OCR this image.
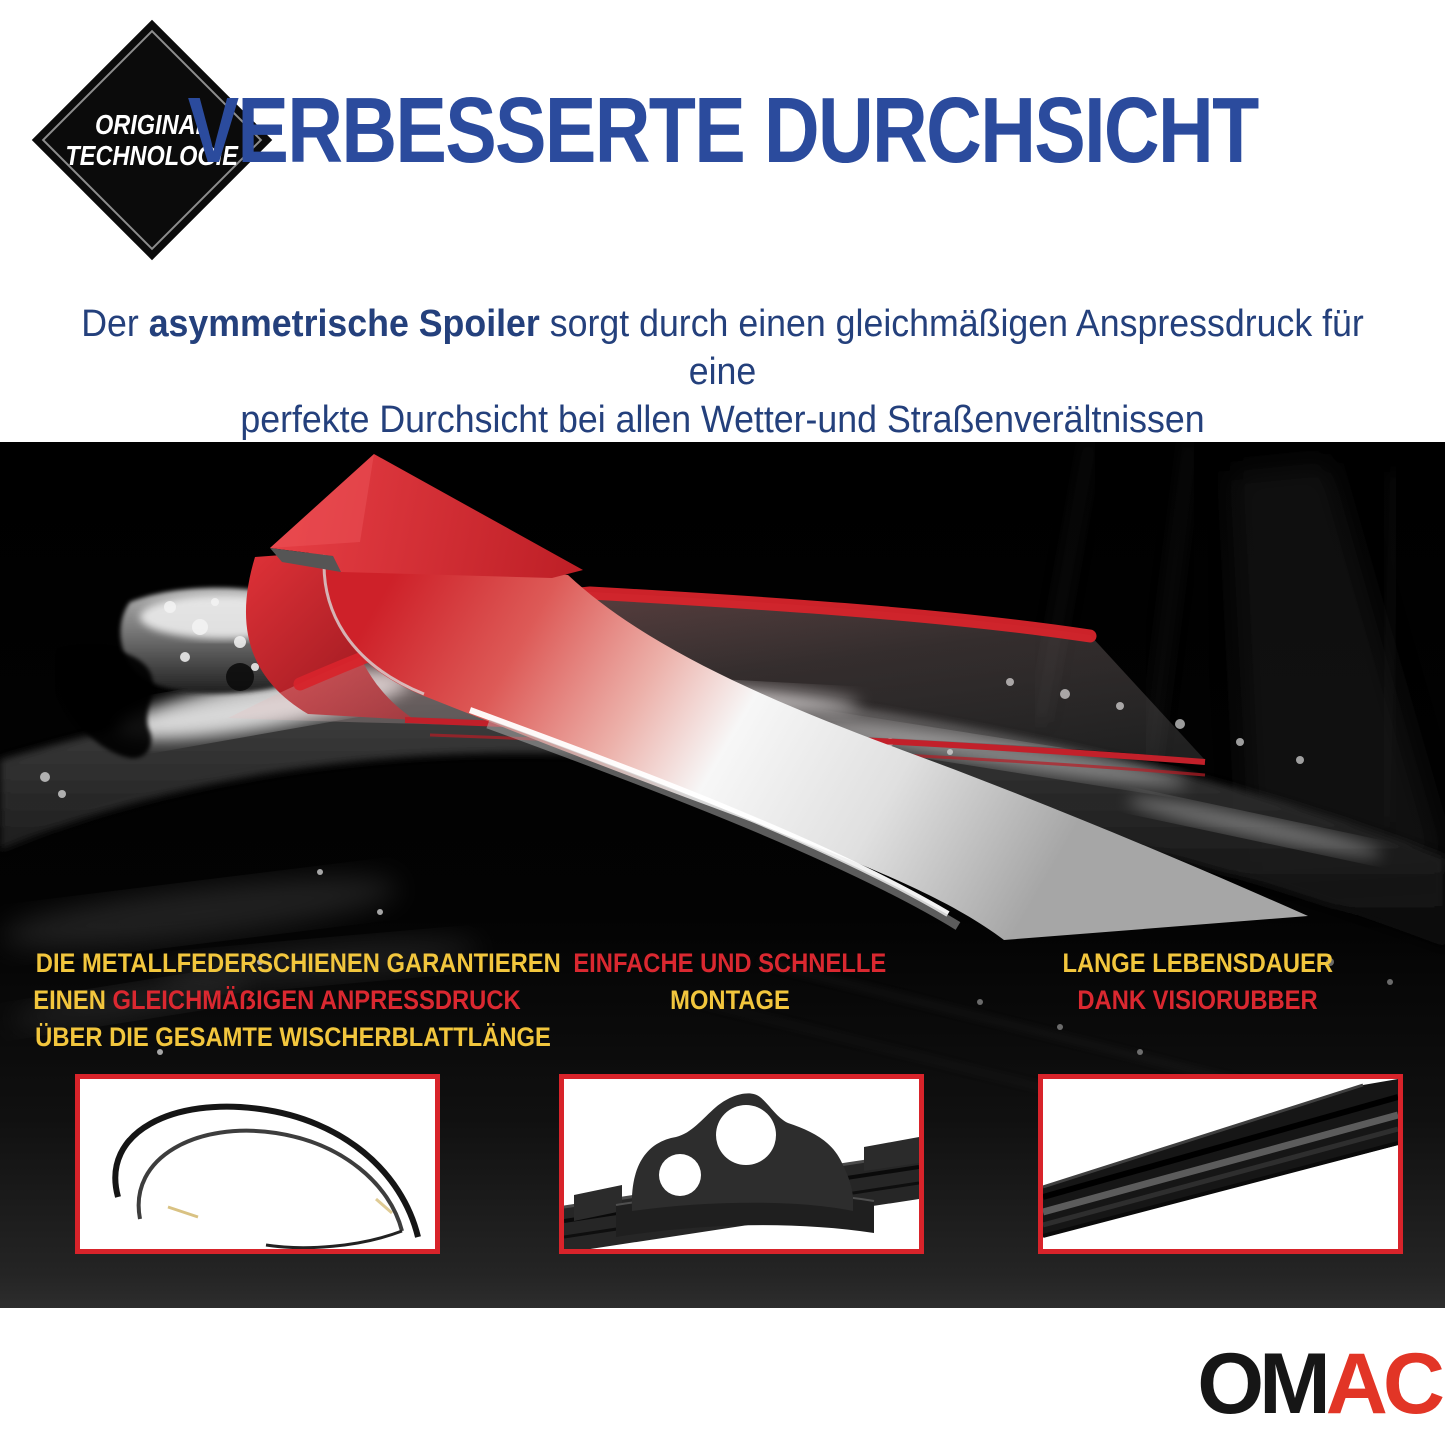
ORIGINAL
TECHNOLOGIE
VERBESSERTE DURCHSICHT
Der asymmetrische Spoiler sorgt durch einen gleichmäßigen Anspressdruck für eine
perfekte Durchsicht bei allen Wetter-und Straßenverältnissen
DIE METALLFEDERSCHIENEN GARANTIEREN
EINEN GLEICHMÄẞIGEN ANPRESSDRUCK
ÜBER DIE GESAMTE WISCHERBLATTLÄNGE
EINFACHE UND SCHNELLE
MONTAGE
LANGE LEBENSDAUER
DANK VISIORUBBER
OMAC
